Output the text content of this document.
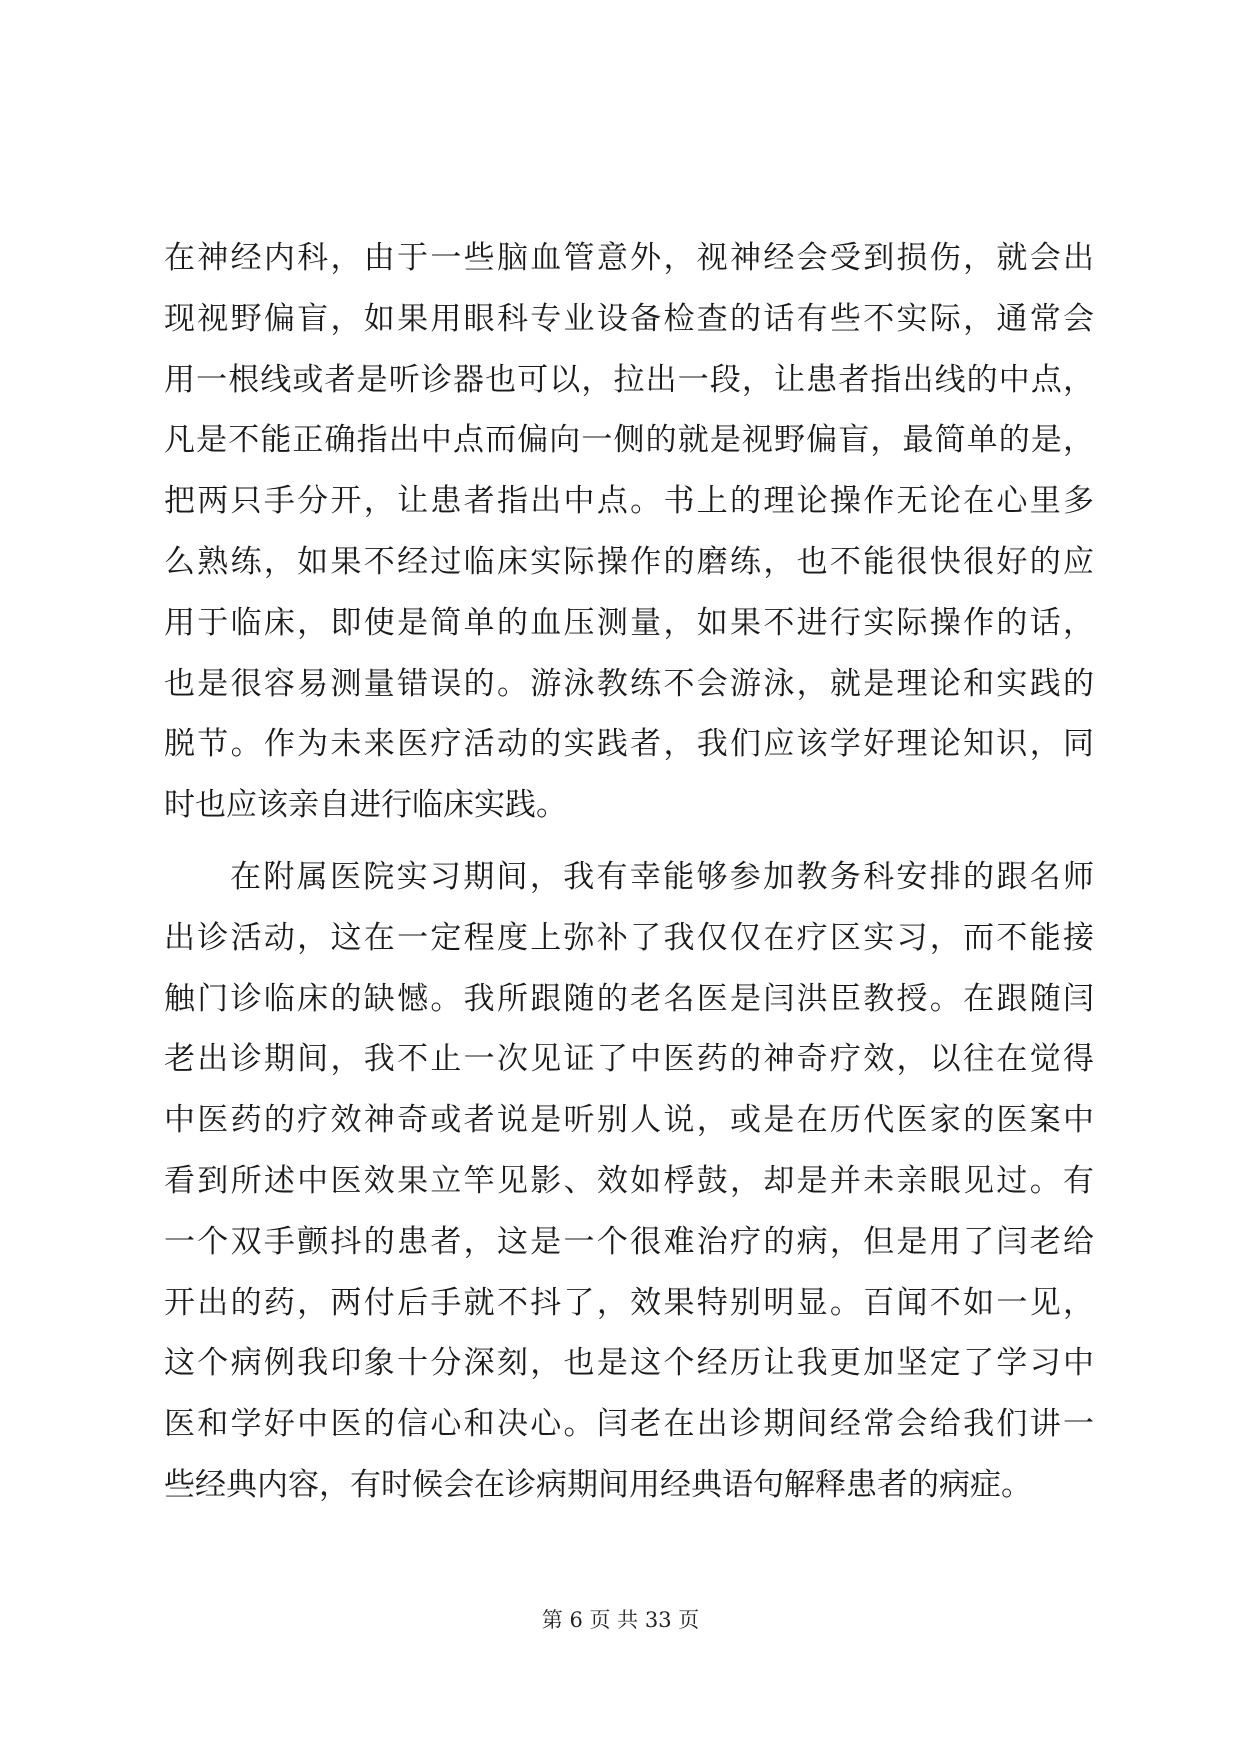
在神经内科，由于一些脑血管意外，视神经会受到损伤，就会出
现视野偏盲，如果用眼科专业设备检查的话有些不实际，通常会
用一根线或者是听诊器也可以，拉出一段，让患者指出线的中点，
凡是不能正确指出中点而偏向一侧的就是视野偏盲，最简单的是，
把两只手分开，让患者指出中点。书上的理论操作无论在心里多
么熟练，如果不经过临床实际操作的磨练，也不能很快很好的应
用于临床，即使是简单的血压测量，如果不进行实际操作的话，
也是很容易测量错误的。游泳教练不会游泳，就是理论和实践的
脱节。作为未来医疗活动的实践者，我们应该学好理论知识，同
时也应该亲自进行临床实践。
在附属医院实习期间，我有幸能够参加教务科安排的跟名师
出诊活动，这在一定程度上弥补了我仅仅在疗区实习，而不能接
触门诊临床的缺憾。我所跟随的老名医是闫洪臣教授。在跟随闫
老出诊期间，我不止一次见证了中医药的神奇疗效，以往在觉得
中医药的疗效神奇或者说是听别人说，或是在历代医家的医案中
看到所述中医效果立竿见影、效如桴鼓，却是并未亲眼见过。有
一个双手颤抖的患者，这是一个很难治疗的病，但是用了闫老给
开出的药，两付后手就不抖了，效果特别明显。百闻不如一见，
这个病例我印象十分深刻，也是这个经历让我更加坚定了学习中
医和学好中医的信心和决心。闫老在出诊期间经常会给我们讲一
些经典内容，有时候会在诊病期间用经典语句解释患者的病症。
第 6 页 共 33 页
